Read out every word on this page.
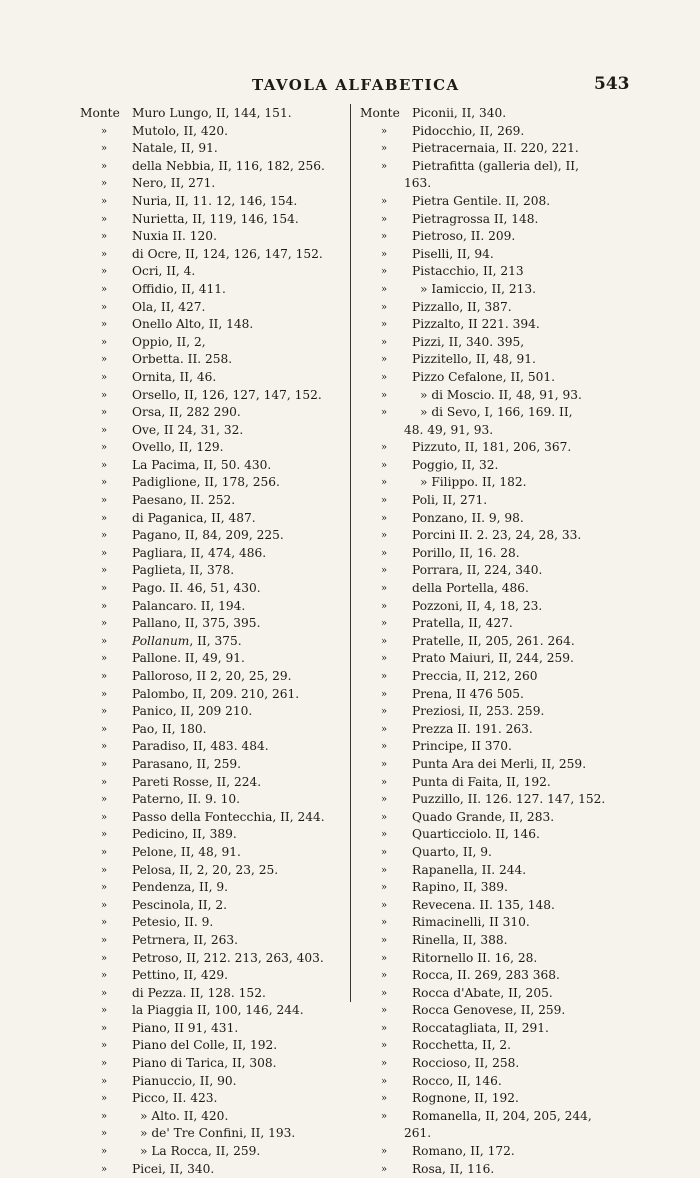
TAVOLA ALFABETICA	543
Monte Muro Lungo, II, 144, 151.
»	Mutolo, II, 420.
»	Natale, II, 91.
»	della Nebbia, II, 116, 182, 256.
»	Nero, II, 271.
»	Nuria, II, 11. 12, 146, 154.
»	Nurietta, II, 119, 146, 154.
»	Nuxia II. 120.
»	di Ocre, II, 124, 126, 147, 152.
»	Ocri, II, 4.
»	Offidio, II, 411.
»	Ola, II, 427.
»	Onello Alto, II, 148.
»	Oppio, II, 2,
»	Orbetta. II. 258.
»	Ornita, II, 46.
»	Orsello, II, 126, 127, 147, 152.
»	Orsa, II, 282 290.
»	Ove, II 24, 31, 32.
»	Ovello, II, 129.
»	La Pacima, II, 50. 430.
»	Padiglione, II, 178, 256.
»	Paesano, II. 252.
»	di Paganica, II, 487.
»	Pagano, II, 84, 209, 225.
»	Pagliara, II, 474, 486.
»	Paglieta, II, 378.
»	Pago. II. 46, 51, 430.
»	Palancaro. II, 194.
»	Pallano, II, 375, 395.
»	Pollanum, II, 375.
»	Pallone. II, 49, 91.
»	Palloroso, II 2, 20, 25, 29.
»	Palombo, II, 209. 210, 261.
»	Panico, II, 209 210.
»	Pao, II, 180.
»	Paradiso, II, 483. 484.
»	Parasano, II, 259.
»	Pareti Rosse, II, 224.
»	Paterno, II. 9. 10.
»	Passo della Fontecchia, II, 244.
»	Pedicino, II, 389.
»	Pelone, II, 48, 91.
»	Pelosa, II, 2, 20, 23, 25.
»	Pendenza, II, 9.
»	Pescinola, II, 2.
»	Petesio, II. 9.
»	Petrnera, II, 263.
»	Petroso, II, 212. 213, 263, 403.
»	Pettino, II, 429.
»	di Pezza. II, 128. 152.
»	la Piaggia II, 100, 146, 244.
»	Piano, II 91, 431.
»	Piano del Colle, II, 192.
»	Piano di Tarica, II, 308.
»	Pianuccio, II, 90.
»	Picco, II. 423.
»	» Alto. II, 420.
»	» de' Tre Confini, II, 193.
»	» La Rocca, II, 259.
»	Picei, II, 340.
Monte Piconii, II, 340.
»	Pidocchio, II, 269.
»	Pietracernaia, II. 220, 221.
»	Pietrafitta (galleria del), II,
163.
»	Pietra Gentile. II, 208.
»	Pietragrossa II, 148.
»	Pietroso, II. 209.
»	Piselli, II, 94.
»	Pistacchio, II, 213
»	» Iamiccio, II, 213.
»	Pizzallo, II, 387.
»	Pizzalto, II 221. 394.
»	Pizzi, II, 340. 395,
»	Pizzitello, II, 48, 91.
»	Pizzo Cefalone, II, 501.
»	» di Moscio. II, 48, 91, 93.
»	» di Sevo, I, 166, 169. II,
48. 49, 91, 93.
»	Pizzuto, II, 181, 206, 367.
»	Poggio, II, 32.
»	» Filippo. II, 182.
»	Poli, II, 271.
»	Ponzano, II. 9, 98.
»	Porcini II. 2. 23, 24, 28, 33.
»	Porillo, II, 16. 28.
»	Porrara, II, 224, 340.
»	della Portella, 486.
»	Pozzoni, II, 4, 18, 23.
»	Pratella, II, 427.
»	Pratelle, II, 205, 261. 264.
»	Prato Maiuri, II, 244, 259.
»	Preccia, II, 212, 260
»	Prena, II 476 505.
»	Preziosi, II, 253. 259.
»	Prezza II. 191. 263.
»	Principe, II 370.
»	Punta Ara dei Merli, II, 259.
»	Punta di Faita, II, 192.
»	Puzzillo, II. 126. 127. 147, 152.
»	Quado Grande, II, 283.
»	Quarticciolo. II, 146.
»	Quarto, II, 9.
»	Rapanella, II. 244.
»	Rapino, II, 389.
»	Revecena. II. 135, 148.
»	Rimacinelli, II 310.
»	Rinella, II, 388.
»	Ritornello II. 16, 28.
»	Rocca, II. 269, 283 368.
»	Rocca d'Abate, II, 205.
»	Rocca Genovese, II, 259.
»	Roccatagliata, II, 291.
»	Rocchetta, II, 2.
»	Roccioso, II, 258.
»	Rocco, II, 146.
»	Rognone, II, 192.
»	Romanella, II, 204, 205, 244,
261.
»	Romano, II, 172.
»	Rosa, II, 116.
